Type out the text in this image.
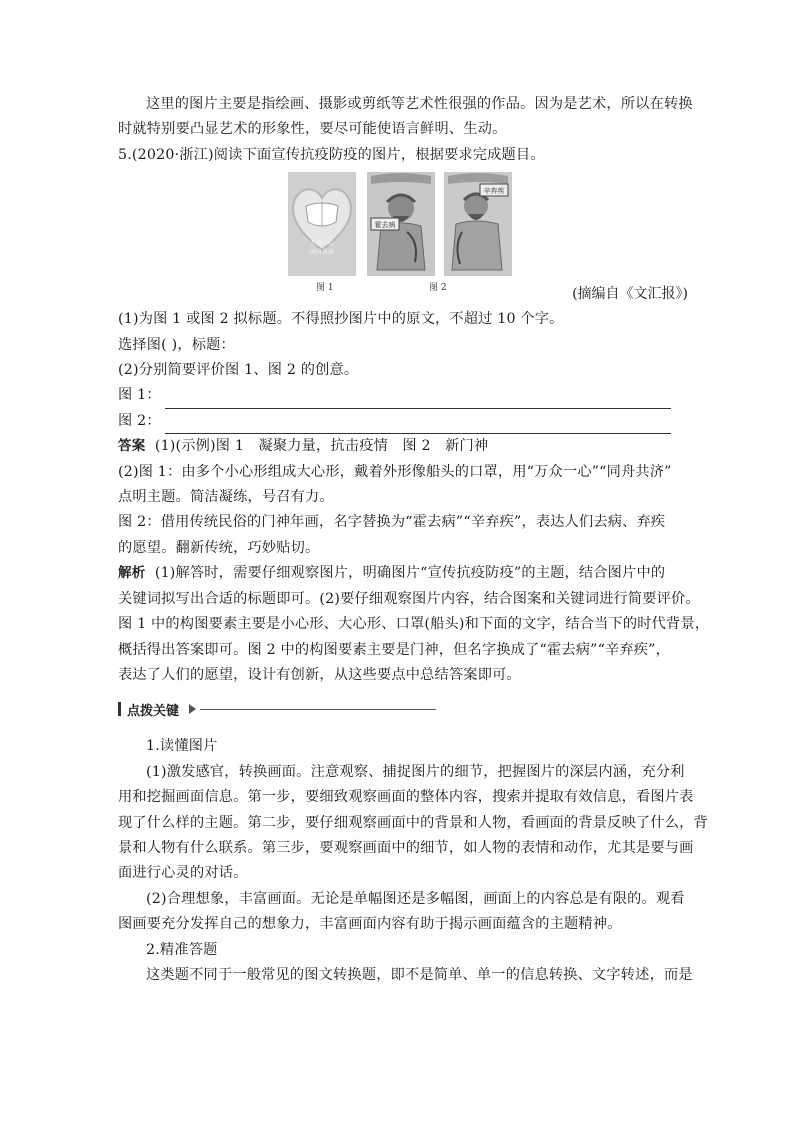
这里的图片主要是指绘画、摄影或剪纸等艺术性很强的作品。因为是艺术，所以在转换

时就特别要凸显艺术的形象性，要尽可能使语言鲜明、生动。

5.(2020·浙江)阅读下面宣传抗疫防疫的图片，根据要求完成题目。

万众一心
同舟共济
霍去病
辛弃疾
图 1	图 2	(摘编自《文汇报》)

(1)为图 1 或图 2 拟标题。不得照抄图片中的原文，不超过 10 个字。

选择图( )，标题：

(2)分别简要评价图 1、图 2 的创意。

图 1：
图 2：

答案 (1)(示例)图 1　凝聚力量，抗击疫情　图 2　新门神

(2)图 1：由多个小心形组成大心形，戴着外形像船头的口罩，用“万众一心”“同舟共济”

点明主题。简洁凝练，号召有力。

图 2：借用传统民俗的门神年画，名字替换为“霍去病”“辛弃疾”，表达人们去病、弃疾

的愿望。翻新传统，巧妙贴切。

解析 (1)解答时，需要仔细观察图片，明确图片“宣传抗疫防疫”的主题，结合图片中的

关键词拟写出合适的标题即可。(2)要仔细观察图片内容，结合图案和关键词进行简要评价。

图 1 中的构图要素主要是小心形、大心形、口罩(船头)和下面的文字，结合当下的时代背景，

概括得出答案即可。图 2 中的构图要素主要是门神，但名字换成了“霍去病”“辛弃疾”，

表达了人们的愿望，设计有创新，从这些要点中总结答案即可。

点拨关键

1.读懂图片

(1)激发感官，转换画面。注意观察、捕捉图片的细节，把握图片的深层内涵，充分利

用和挖掘画面信息。第一步，要细致观察画面的整体内容，搜索并提取有效信息，看图片表

现了什么样的主题。第二步，要仔细观察画面中的背景和人物，看画面的背景反映了什么，背

景和人物有什么联系。第三步，要观察画面中的细节，如人物的表情和动作，尤其是要与画

面进行心灵的对话。

(2)合理想象，丰富画面。无论是单幅图还是多幅图，画面上的内容总是有限的。观看

图画要充分发挥自己的想象力，丰富画面内容有助于揭示画面蕴含的主题精神。

2.精准答题

这类题不同于一般常见的图文转换题，即不是简单、单一的信息转换、文字转述，而是
